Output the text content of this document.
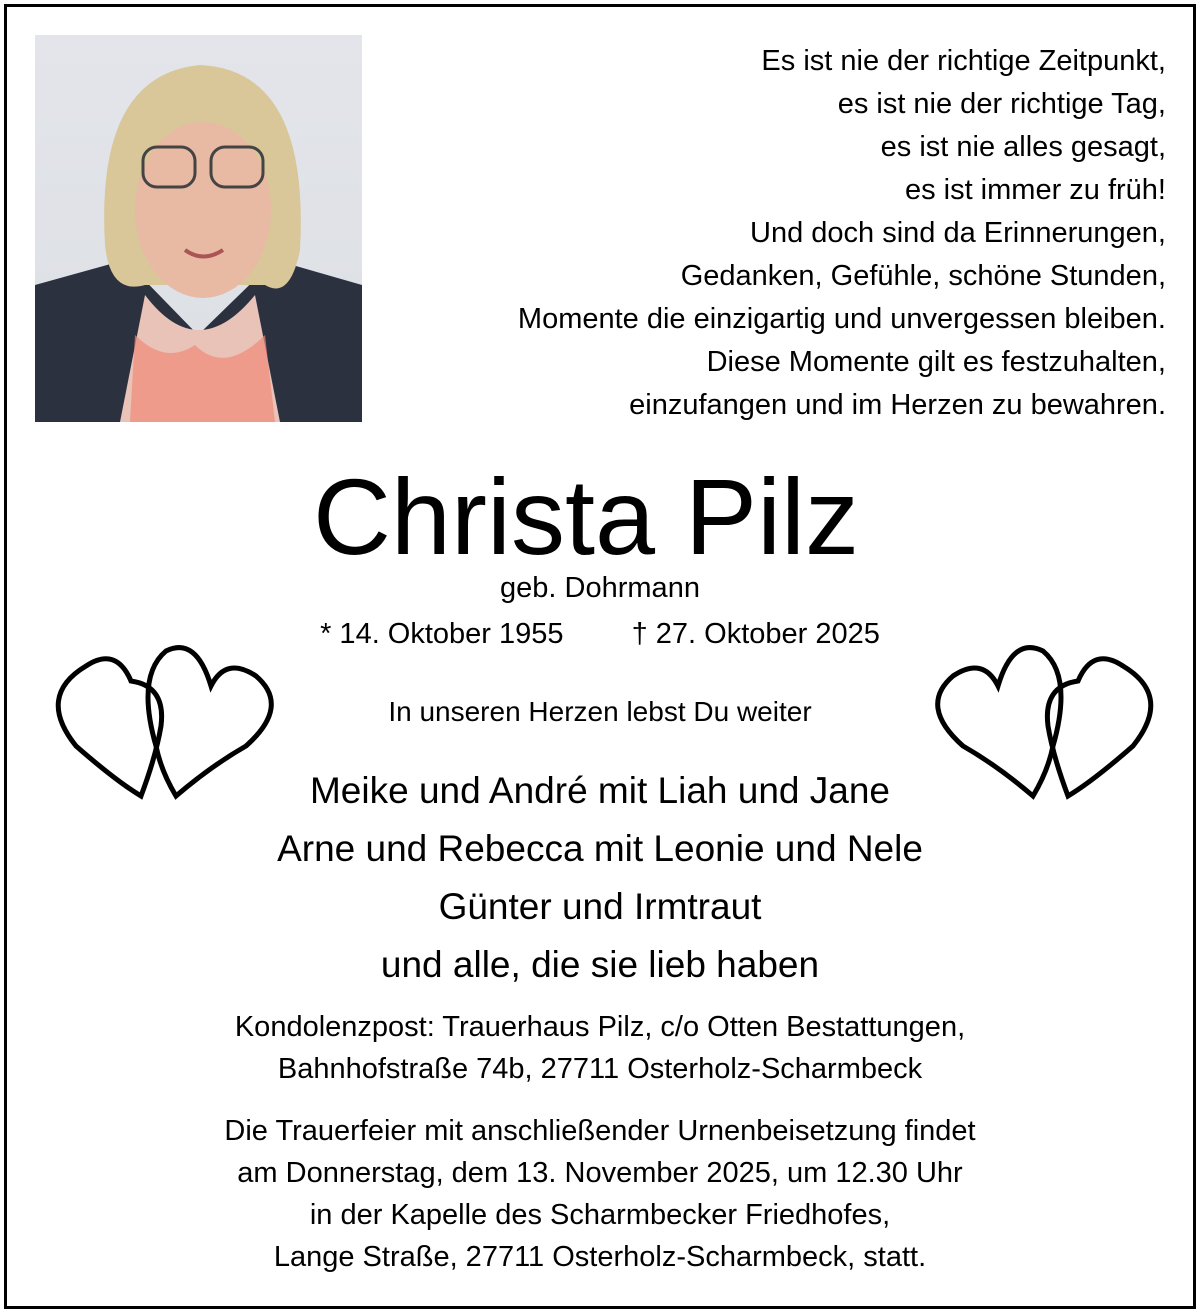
Es ist nie der richtige Zeitpunkt,
es ist nie der richtige Tag,
es ist nie alles gesagt,
es ist immer zu früh!
Und doch sind da Erinnerungen,
Gedanken, Gefühle, schöne Stunden,
Momente die einzigartig und unvergessen bleiben.
Diese Momente gilt es festzuhalten,
einzufangen und im Herzen zu bewahren.
Christa Pilz
geb. Dohrmann
* 14. Oktober 1955 † 27. Oktober 2025
In unseren Herzen lebst Du weiter
Meike und André mit Liah und Jane
Arne und Rebecca mit Leonie und Nele
Günter und Irmtraut
und alle, die sie lieb haben
Kondolenzpost: Trauerhaus Pilz, c/o Otten Bestattungen,
Bahnhofstraße 74b, 27711 Osterholz-Scharmbeck
Die Trauerfeier mit anschließender Urnenbeisetzung findet
am Donnerstag, dem 13. November 2025, um 12.30 Uhr
in der Kapelle des Scharmbecker Friedhofes,
Lange Straße, 27711 Osterholz-Scharmbeck, statt.
